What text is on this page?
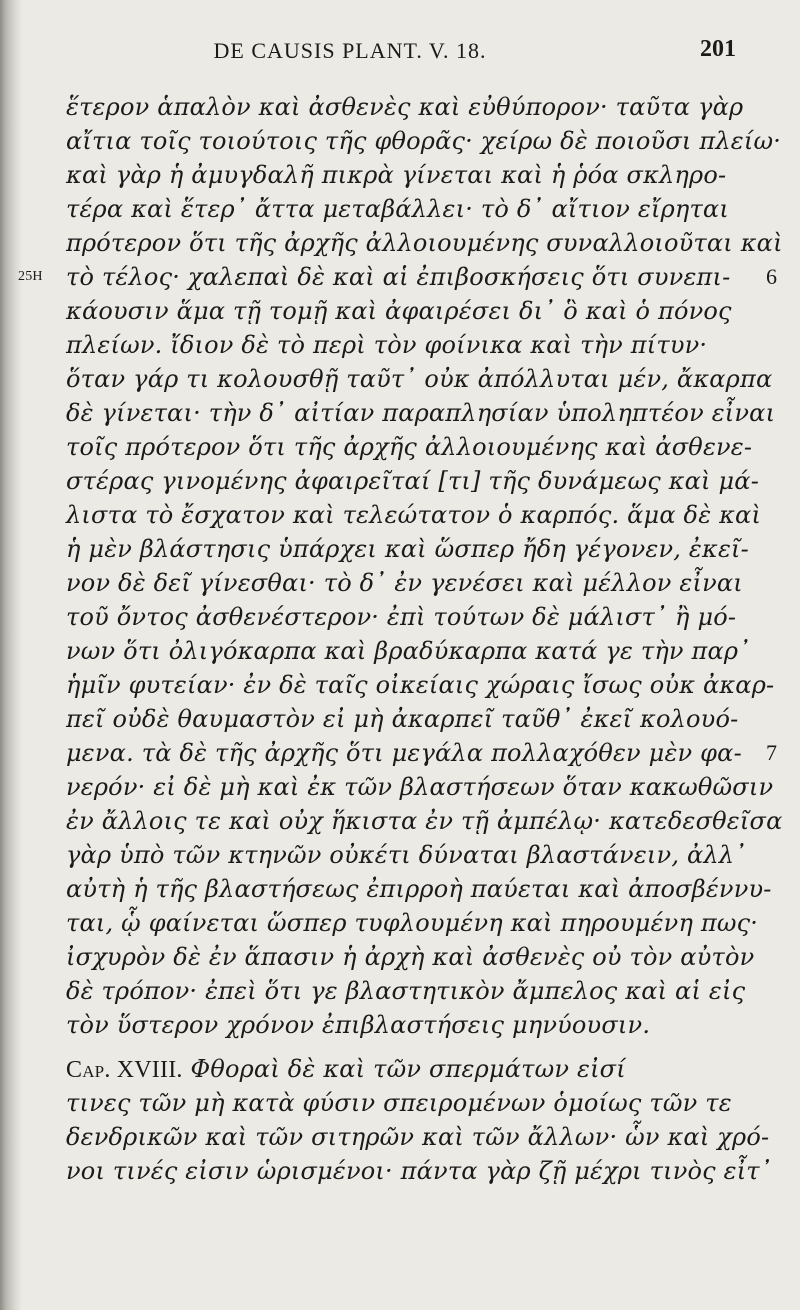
DE CAUSIS PLANT. V. 18.	201
ἕτερον ἁπαλὸν καὶ ἀσθενὲς καὶ εὐθύπορον· ταῦτα γὰρ
αἴτια τοῖς τοιούτοις τῆς φθορᾶς· χείρω δὲ ποιοῦσι πλείω·
καὶ γὰρ ἡ ἀμυγδαλῆ πικρὰ γίνεται καὶ ἡ ῥόα σκληρο-
τέρα καὶ ἕτερ᾽ ἄττα μεταβάλλει· τὸ δ᾽ αἴτιον εἴρηται
πρότερον ὅτι τῆς ἀρχῆς ἀλλοιουμένης συναλλοιοῦται καὶ
25H τὸ τέλος· χαλεπαὶ δὲ καὶ αἱ ἐπιβοσκήσεις ὅτι συνεπι- 6
κάουσιν ἅμα τῇ τομῇ καὶ ἀφαιρέσει δι᾽ ὃ καὶ ὁ πόνος
πλείων. ἴδιον δὲ τὸ περὶ τὸν φοίνικα καὶ τὴν πίτυν·
ὅταν γάρ τι κολουσθῇ ταῦτ᾽ οὐκ ἀπόλλυται μέν, ἄκαρπα
δὲ γίνεται· τὴν δ᾽ αἰτίαν παραπλησίαν ὑποληπτέον εἶναι
τοῖς πρότερον ὅτι τῆς ἀρχῆς ἀλλοιουμένης καὶ ἀσθενε-
στέρας γινομένης ἀφαιρεῖταί [τι] τῆς δυνάμεως καὶ μά-
λιστα τὸ ἔσχατον καὶ τελεώτατον ὁ καρπός. ἅμα δὲ καὶ
ἡ μὲν βλάστησις ὑπάρχει καὶ ὥσπερ ἤδη γέγονεν, ἐκεῖ-
νον δὲ δεῖ γίνεσθαι· τὸ δ᾽ ἐν γενέσει καὶ μέλλον εἶναι
τοῦ ὄντος ἀσθενέστερον· ἐπὶ τούτων δὲ μάλιστ᾽ ἢ μό-
νων ὅτι ὀλιγόκαρπα καὶ βραδύκαρπα κατά γε τὴν παρ᾽
ἡμῖν φυτείαν· ἐν δὲ ταῖς οἰκείαις χώραις ἴσως οὐκ ἀκαρ-
πεῖ οὐδὲ θαυμαστὸν εἰ μὴ ἀκαρπεῖ ταῦθ᾽ ἐκεῖ κολουό-
μενα. τὰ δὲ τῆς ἀρχῆς ὅτι μεγάλα πολλαχόθεν μὲν φα- 7
νερόν· εἰ δὲ μὴ καὶ ἐκ τῶν βλαστήσεων ὅταν κακωθῶσιν
ἐν ἄλλοις τε καὶ οὐχ ἥκιστα ἐν τῇ ἀμπέλῳ· κατεδεσθεῖσα
γὰρ ὑπὸ τῶν κτηνῶν οὐκέτι δύναται βλαστάνειν, ἀλλ᾽
αὐτὴ ἡ τῆς βλαστήσεως ἐπιρροὴ παύεται καὶ ἀποσβέννυ-
ται, ᾧ φαίνεται ὥσπερ τυφλουμένη καὶ πηρουμένη πως·
ἰσχυρὸν δὲ ἐν ἅπασιν ἡ ἀρχὴ καὶ ἀσθενὲς οὐ τὸν αὐτὸν
δὲ τρόπον· ἐπεὶ ὅτι γε βλαστητικὸν ἄμπελος καὶ αἱ εἰς
τὸν ὕστερον χρόνον ἐπιβλαστήσεις μηνύουσιν.
Cap. XVIII. Φθοραὶ δὲ καὶ τῶν σπερμάτων εἰσί
τινες τῶν μὴ κατὰ φύσιν σπειρομένων ὁμοίως τῶν τε
δενδρικῶν καὶ τῶν σιτηρῶν καὶ τῶν ἄλλων· ὧν καὶ χρό-
νοι τινές εἰσιν ὡρισμένοι· πάντα γὰρ ζῇ μέχρι τινὸς εἶτ᾽
